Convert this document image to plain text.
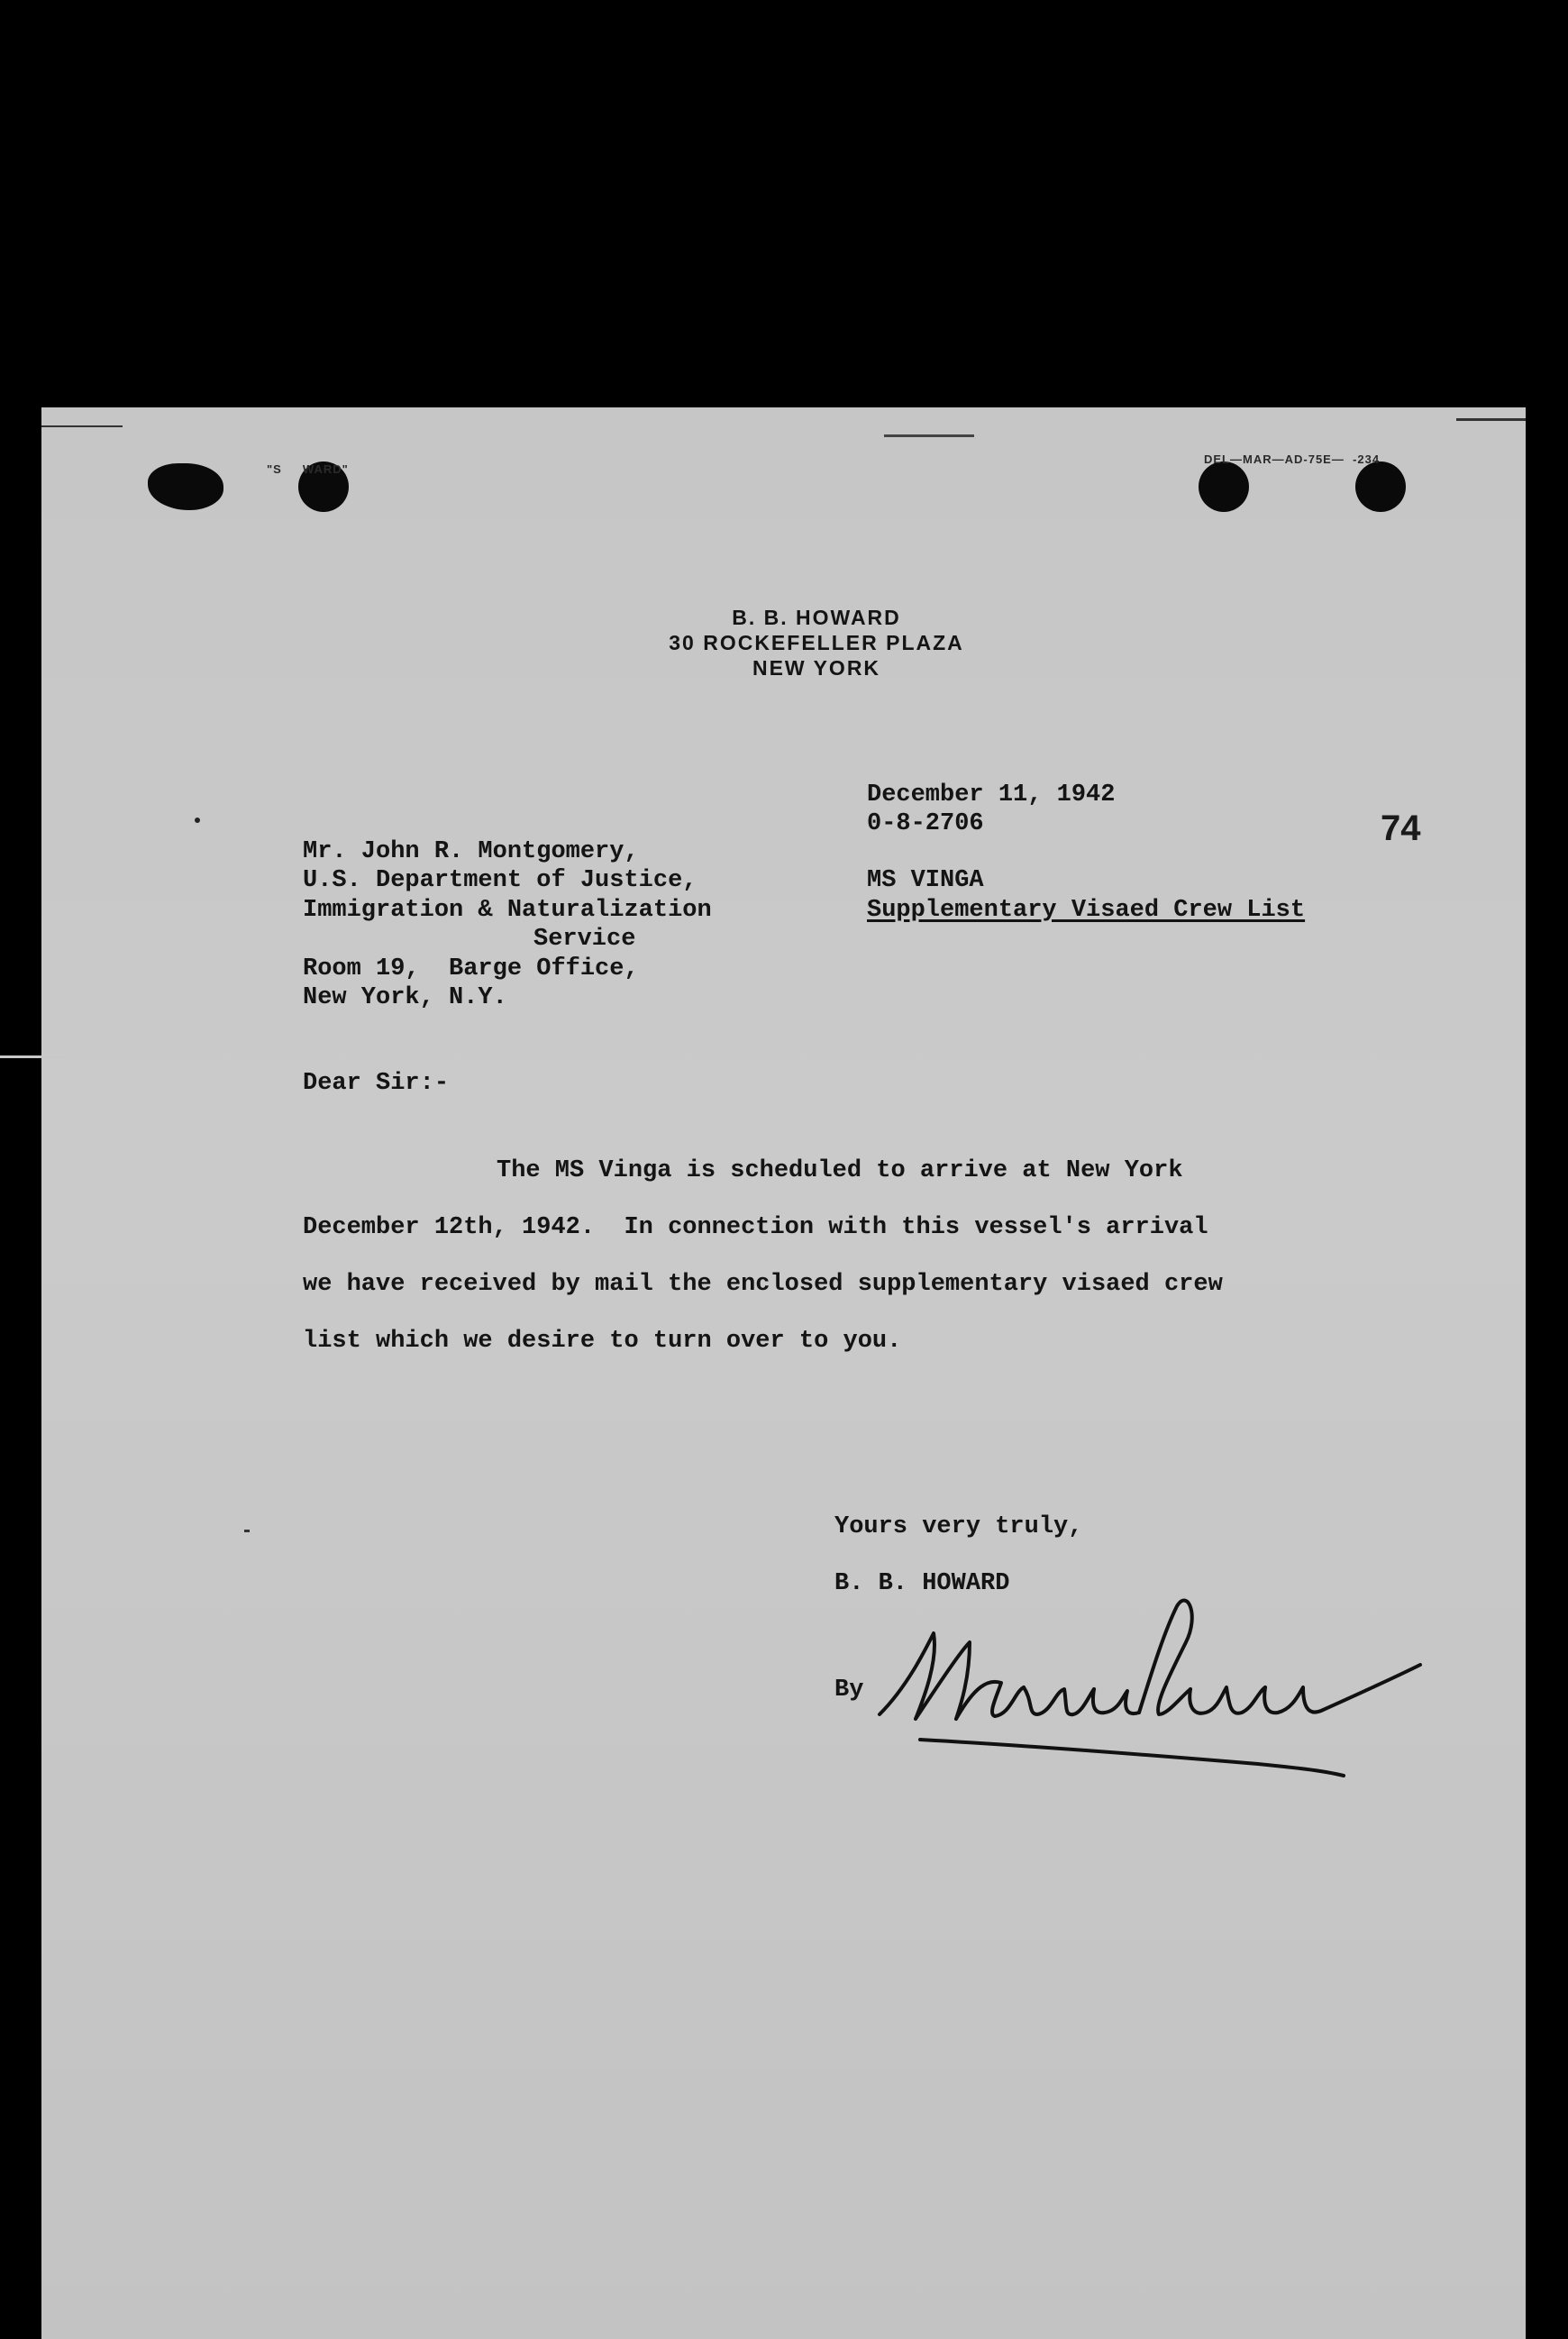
"S     WARD"
DEL—MAR—AD-75E—  -234
B. B. HOWARD
30 ROCKEFELLER PLAZA
NEW YORK
74
December 11, 1942
0-8-2706
MS VINGA
Supplementary Visaed Crew List
Mr. John R. Montgomery,
U.S. Department of Justice,
Immigration & Naturalization
Service
Room 19,  Barge Office,
New York, N.Y.
Dear Sir:-
The MS Vinga is scheduled to arrive at New York
December 12th, 1942.  In connection with this vessel's arrival
we have received by mail the enclosed supplementary visaed crew
list which we desire to turn over to you.
Yours very truly,
B. B. HOWARD
By
